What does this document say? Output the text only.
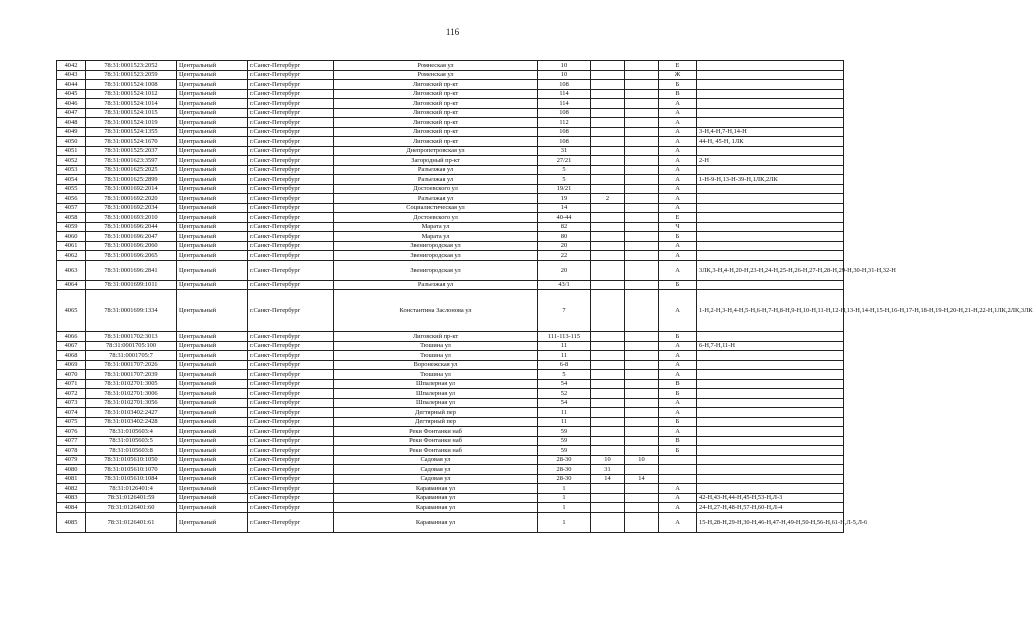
116
4042	78:31:0001523:2052	Центральный	г.Санкт-Петербург	Ромнеская ул	10			Е	
4043	78:31:0001523:2059	Центральный	г.Санкт-Петербург	Роменская ул	10			Ж	
4044	78:31:0001524:1008	Центральный	г.Санкт-Петербург	Лиговский пр-кт	108			Б	
4045	78:31:0001524:1012	Центральный	г.Санкт-Петербург	Лиговский пр-кт	114			В	
4046	78:31:0001524:1014	Центральный	г.Санкт-Петербург	Лиговский пр-кт	114			А	
4047	78:31:0001524:1015	Центральный	г.Санкт-Петербург	Лиговский пр-кт	108			А	
4048	78:31:0001524:1019	Центральный	г.Санкт-Петербург	Лиговский пр-кт	112			А	
4049	78:31:0001524:1355	Центральный	г.Санкт-Петербург	Лиговский пр-кт	108			А	3-Н,4-Н,7-Н,14-Н
4050	78:31:0001524:1670	Центральный	г.Санкт-Петербург	Лиговский пр-кт	108			А	44-Н, 45-Н, 1ЛК
4051	78:31:0001525:2037	Центральный	г.Санкт-Петербург	Днепропетровская ул	31			А	
4052	78:31:0001623:3597	Центральный	г.Санкт-Петербург	Загородный пр-кт	27/21			А	2-Н
4053	78:31:0001625:2025	Центральный	г.Санкт-Петербург	Разъезжая ул	5			А	
4054	78:31:0001625:2899	Центральный	г.Санкт-Петербург	Разъезжая ул	5			А	1-Н-9-Н,13-Н-39-Н,1ЛК,2ЛК
4055	78:31:0001692:2014	Центральный	г.Санкт-Петербург	Достоевского ул	19/21			А	
4056	78:31:0001692:2020	Центральный	г.Санкт-Петербург	Разъезжая ул	19	2		А	
4057	78:31:0001692:2034	Центральный	г.Санкт-Петербург	Социалистическая ул	14			А	
4058	78:31:0001693:2010	Центральный	г.Санкт-Петербург	Достоевского ул	40-44			Е	
4059	78:31:0001696:2044	Центральный	г.Санкт-Петербург	Марата ул	82			Ч	
4060	78:31:0001696:2047	Центральный	г.Санкт-Петербург	Марата ул	80			Б	
4061	78:31:0001696:2060	Центральный	г.Санкт-Петербург	Звенигородская ул	20			А	
4062	78:31:0001696:2065	Центральный	г.Санкт-Петербург	Звенигородская ул	22			А	
4063	78:31:0001696:2841	Центральный	г.Санкт-Петербург	Звенигородская ул	20			А	3ЛК,3-Н,4-Н,20-Н,23-Н,24-Н,25-Н,26-Н,27-Н,28-Н,29-Н,30-Н,31-Н,32-Н
4064	78:31:0001699:1011	Центральный	г.Санкт-Петербург	Разъезжая ул	43/1			Б	
4065	78:31:0001699:1334	Центральный	г.Санкт-Петербург	Константина Заслонова ул	7			А	1-Н,2-Н,3-Н,4-Н,5-Н,6-Н,7-Н,8-Н,9-Н,10-Н,11-Н,12-Н,13-Н,14-Н,15-Н,16-Н,17-Н,18-Н,19-Н,20-Н,21-Н,22-Н,1ЛК,2ЛК,3ЛК
4066	78:31:0001702:3013	Центральный	г.Санкт-Петербург	Лиговский пр-кт	111-113-115			Б	
4067	78:31:0001705:100	Центральный	г.Санкт-Петербург	Тюшина ул	11			А	6-Н,7-Н,11-Н
4068	78:31:0001705:7	Центральный	г.Санкт-Петербург	Тюшина ул	11			А	
4069	78:31:0001707:2026	Центральный	г.Санкт-Петербург	Воронежская ул	6-8			А	
4070	78:31:0001707:2039	Центральный	г.Санкт-Петербург	Тюшина ул	5			А	
4071	78:31:0102701:3005	Центральный	г.Санкт-Петербург	Шпалерная ул	54			В	
4072	78:31:0102701:3006	Центральный	г.Санкт-Петербург	Шпалерная ул	52			Б	
4073	78:31:0102701:3056	Центральный	г.Санкт-Петербург	Шпалерная ул	54			А	
4074	78:31:0103402:2427	Центральный	г.Санкт-Петербург	Дегтярный пер	11			А	
4075	78:31:0103402:2428	Центральный	г.Санкт-Петербург	Дегтярный пер	11			Б	
4076	78:31:0105603:4	Центральный	г.Санкт-Петербург	Реки Фонтанки наб	59			А	
4077	78:31:0105603:5	Центральный	г.Санкт-Петербург	Реки Фонтанки наб	59			В	
4078	78:31:0105603:8	Центральный	г.Санкт-Петербург	Реки Фонтанки наб	59			Б	
4079	78:31:0105610:1050	Центральный	г.Санкт-Петербург	Садовая ул	28-30	10	10		
4080	78:31:0105610:1070	Центральный	г.Санкт-Петербург	Садовая ул	28-30	31			
4081	78:31:0105610:1084	Центральный	г.Санкт-Петербург	Садовая ул	28-30	14	14		
4082	78:31:0126401:4	Центральный	г.Санкт-Петербург	Караванная ул	1			А	
4083	78:31:0126401:59	Центральный	г.Санкт-Петербург	Караванная ул	1			А	42-Н,43-Н,44-Н,45-Н,53-Н,Л-3
4084	78:31:0126401:60	Центральный	г.Санкт-Петербург	Караванная ул	1			А	24-Н,27-Н,48-Н,57-Н,60-Н,Л-4
4085	78:31:0126401:61	Центральный	г.Санкт-Петербург	Караванная ул	1			А	15-Н,28-Н,29-Н,30-Н,46-Н,47-Н,49-Н,50-Н,56-Н,61-Н,Л-5,Л-6
